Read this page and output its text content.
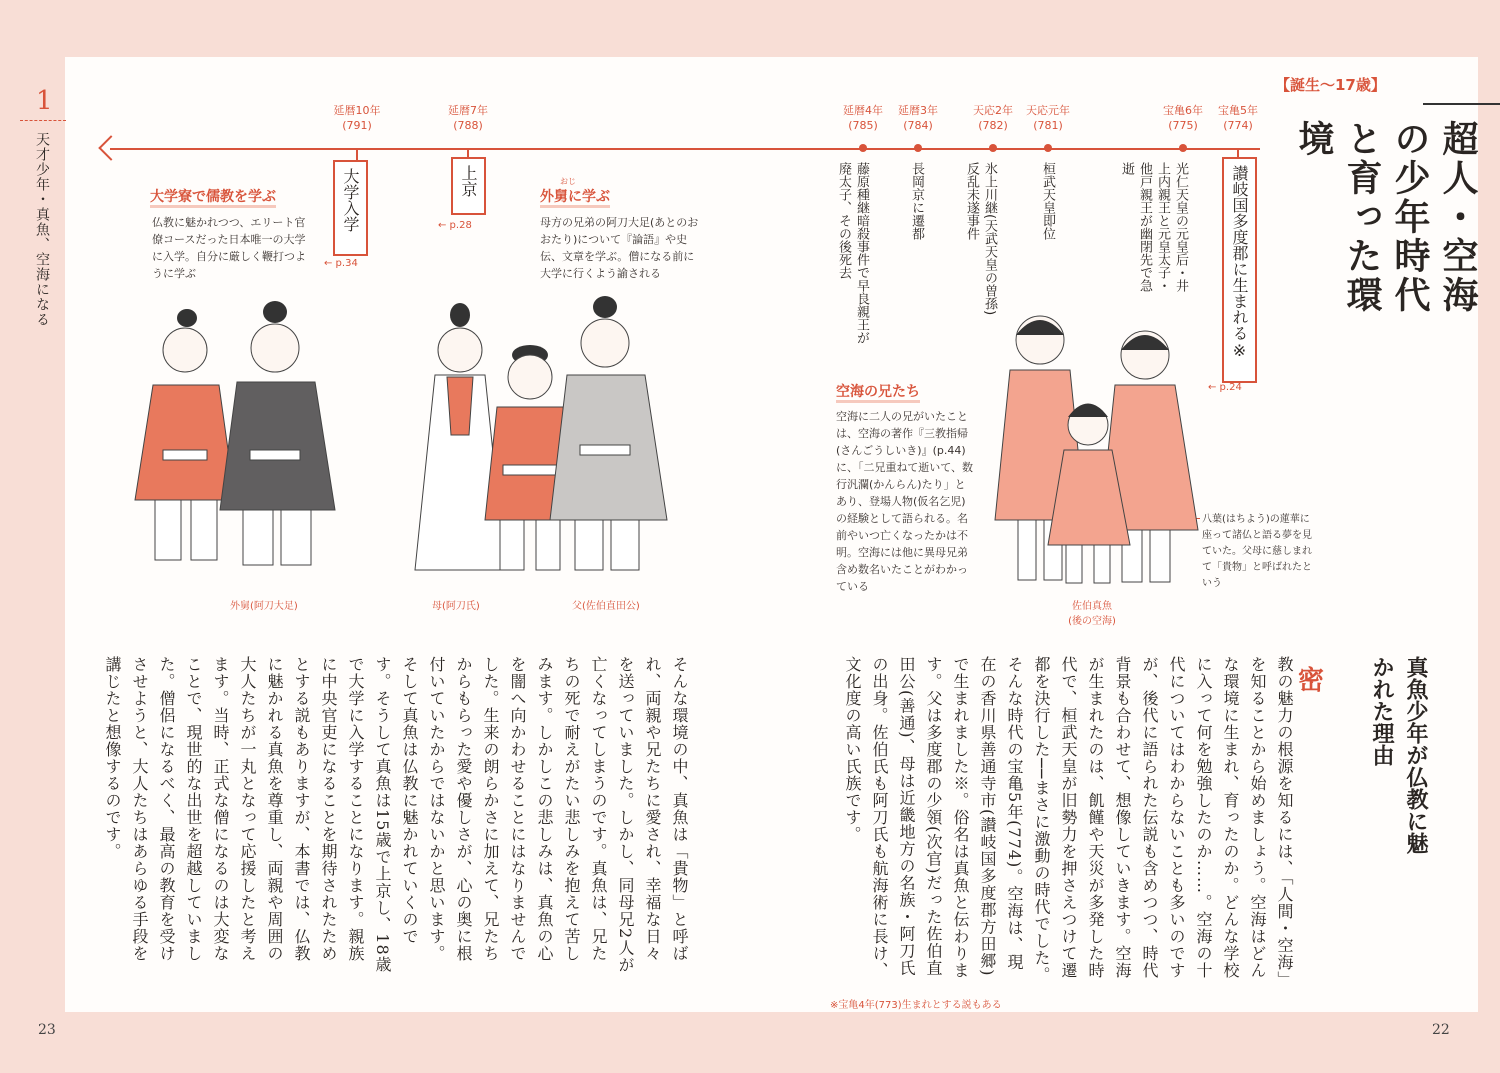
1
天才少年・真魚、空海になる
【誕生〜17歳】
超人・空海の少年時代と育った環境
延暦10年
(791)
大学入学
← p.34
延暦7年
(788)
上京
← p.28
延暦4年
(785)
藤原種継暗殺事件で早良親王が廃太子、その後死去
延暦3年
(784)
長岡京に遷都
天応2年
(782)
氷上川継(天武天皇の曽孫)反乱未遂事件
天応元年
(781)
桓武天皇即位
宝亀6年
(775)
光仁天皇の元皇后・井上内親王と元皇太子・他戸親王が幽閉先で急逝
宝亀5年
(774)
讃岐国多度郡に生まれる※
← p.24
大学寮で儒教を学ぶ
仏教に魅かれつつ、エリート官僚コースだった日本唯一の大学に入学。自分に厳しく鞭打つように学ぶ
外舅に学ぶ
おじ
母方の兄弟の阿刀大足(あとのおおたり)について『論語』や史伝、文章を学ぶ。僧になる前に大学に行くよう諭される
空海の兄たち
空海に二人の兄がいたことは、空海の著作『三教指帰(さんごうしいき)』(p.44)に、「二兄重ねて逝いて、数行汎瀾(かんらん)たり」とあり、登場人物(仮名乞児)の経験として語られる。名前やいつ亡くなったかは不明。空海には他に異母兄弟含め数名いたことがわかっている
八葉(はちよう)の蓮華に座って諸仏と語る夢を見ていた。父母に慈しまれて「貴物」と呼ばれたという
外舅(阿刀大足)	母(阿刀氏)	父(佐伯直田公)	佐伯真魚
(後の空海)
真魚少年が仏教に魅かれた理由
密
教の魅力の根源を知るには、「人間・空海」を知ることから始めましょう。空海はどんな環境に生まれ、育ったのか。どんな学校に入って何を勉強したのか……。空海の十代についてはわからないことも多いのですが、後代に語られた伝説も含めつつ、時代背景も合わせて、想像していきます。空海が生まれたのは、飢饉や天災が多発した時代で、桓武天皇が旧勢力を押さえつけて遷都を決行した──まさに激動の時代でした。そんな時代の宝亀5年(774)。空海は、現在の香川県善通寺市(讃岐国多度郡方田郷)で生まれました※。俗名は真魚と伝わります。父は多度郡の少領(次官)だった佐伯直田公(善通)、母は近畿地方の名族・阿刀氏の出身。佐伯氏も阿刀氏も航海術に長け、文化度の高い氏族です。
そんな環境の中、真魚は「貴物」と呼ばれ、両親や兄たちに愛され、幸福な日々を送っていました。しかし、同母兄2人が亡くなってしまうのです。真魚は、兄たちの死で耐えがたい悲しみを抱えて苦しみます。しかしこの悲しみは、真魚の心を闇へ向かわせることにはなりませんでした。生来の朗らかさに加えて、兄たちからもらった愛や優しさが、心の奥に根付いていたからではないかと思います。そして真魚は仏教に魅かれていくのです。そうして真魚は15歳で上京し、18歳で大学に入学することになります。親族に中央官吏になることを期待されたためとする説もありますが、本書では、仏教に魅かれる真魚を尊重し、両親や周囲の大人たちが一丸となって応援したと考えます。当時、正式な僧になるのは大変なことで、現世的な出世を超越していました。僧侶になるべく、最高の教育を受けさせようと、大人たちはあらゆる手段を講じたと想像するのです。
※宝亀4年(773)生まれとする説もある
23	22
